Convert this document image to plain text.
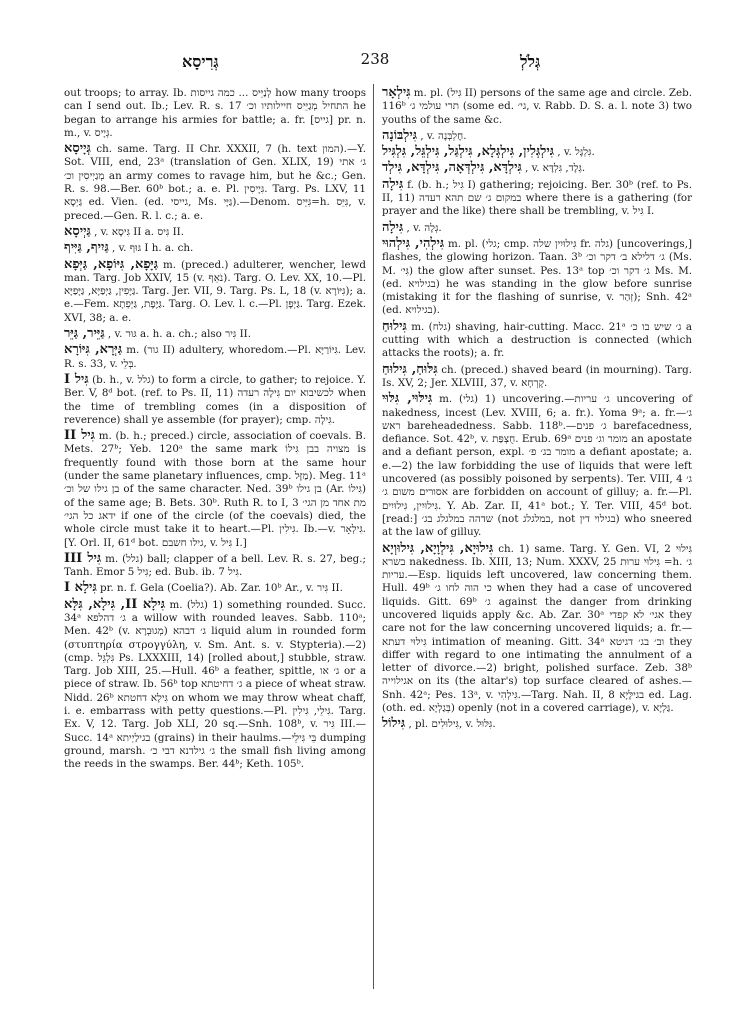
גְּרִיסָא	238	גְּלֹלְ

out troops; to array. Ib. לְנַיֵּיס ... כמה גייסות how many troops can I send out. Ib.; Lev. R. s. 17 התחיל מְגַיֵּיס חיילותיו וכ׳ he began to arrange his armies for battle; a. fr. [גייס] pr. n. m., v. גְּיָיס.

גְּיָיסָא ch. same. Targ. II Chr. XXXII, 7 (h. text המון).—Y. Sot. VIII, end, 23ᵃ (translation of Gen. XLIX, 19) ג׳ אתי מְגַיְיסִין וכ׳ an army comes to ravage him, but he &c.; Gen. R. s. 98.—Ber. 60ᵇ bot.; a. e. Pl. גִּיָיסִין. Targ. Ps. LXV, 11 גַּיְסָא ed. Vien. (ed. גייסי, Ms. גַּיָּי).—Denom. גִּיֵּיס=h. גִּיֵּס, v. preced.—Gen. R. l. c.; a. e.

גַּיְיסָא , v. גִּיסָא II a. גִּיס II.

גַּיִיף, גַּיִּיף , v. גּוּף I h. a. ch.

גַּיָּפָא, גִּיּוֹפָא, גַּיְּפָא m. (preced.) adulterer, wencher, lewd man. Targ. Job XXIV, 15 (v. נֹאֵף). Targ. O. Lev. XX, 10.—Pl. גַּיָּפִין, גַּיְּפַיָּא, גַּיָּפַיָּא. Targ. Jer. VII, 9. Targ. Ps. L, 18 (v. גִּיּוֹרָא); a. e.—Fem. גַּיֶּפֶת, גַּיְּפְתָא. Targ. O. Lev. l. c.—Pl. גַּיְּפָן. Targ. Ezek. XVI, 38; a. e.

גַּיֵּיר, גַּיֵּר , v. גּוּר a. h. a. ch.; also גִּיר II.

גַּיְּרָא, גִּיּוֹרָא m. (גור II) adultery, whoredom.—Pl. גִּיּוֹרַיָּא. Lev. R. s. 33, v. בְּלֵי.

גִּיל I (b. h., v. גלל) to form a circle, to gather; to rejoice. Y. Ber. V, 8ᵈ bot. (ref. to Ps. II, 11) לכשיבוא יום גִּילָה רעדה when the time of trembling comes (in a disposition of reverence) shall ye assemble (for prayer); cmp. גִּילָה.

גִּיל II m. (b. h.; preced.) circle, association of coevals. B. Mets. 27ᵇ; Yeb. 120ᵃ the same mark מצויה בבן גִּילוֹ is frequently found with those born at the same hour (under the same planetary influences, cmp. מַזָּל). Meg. 11ᵃ בן גילו של וכ׳ of the same character. Ned. 39ᵇ בן גילו (Ar. גִּילוֹ) of the same age; B. Bets. 30ᵇ. Ruth R. to I, 3 מת אחד מן הגי׳ ידאג כל הגי׳ if one of the circle (of the coevals) died, the whole circle must take it to heart.—Pl. גִּילִין. Ib.—v. גִּילְאָר. [Y. Orl. II, 61ᵈ bot. גילו חשבם, v. גִּיל I.]

גִּיל III m. (גלל) ball; clapper of a bell. Lev. R. s. 27, beg.; Tanh. Emor 5 גִּיל; ed. Bub. ib. 7 גִּיל.

גִּילָא I pr. n. f. Gela (Coelia?). Ab. Zar. 10ᵇ Ar., v. גִּיר II.

גִּילָא II, גִּילָא, גִּלָּא m. (גלל) 1) something rounded. Succ. 34ᵃ ג׳ דהלפא a willow with rounded leaves. Sabb. 110ᵃ; Men. 42ᵇ (v. מְגוּבְרָא) ג׳ דבהא liquid alum in rounded form (στυπτηρία στρογγύλη, v. Sm. Ant. s. v. Stypteria).—2) (cmp. גִּלְגֵּל Ps. LXXXIII, 14) [rolled about,] stubble, straw. Targ. Job XIII, 25.—Hull. 46ᵇ a feather, spittle, ג׳ או or a piece of straw. Ib. 56ᵇ top ג׳ דחיטתא a piece of wheat straw. Nidd. 26ᵇ גִּילָא דחטתא on whom we may throw wheat chaff, i. e. embarrass with petty questions.—Pl. גִּילֵי, גִּילִין. Targ. Ex. V, 12. Targ. Job XLI, 20 sq.—Snh. 108ᵇ, v. גִּיר III.—Succ. 14ᵃ בגילַיְיתא (grains) in their haulms.—בֵּי גִּילֵי dumping ground, marsh. ג׳ גילדנא דבי כ׳ the small fish living among the reeds in the swamps. Ber. 44ᵇ; Keth. 105ᵇ.

גִּילְאָר m. pl. (גִּיל II) persons of the same age and circle. Zeb. 116ᵇ תרי עולמי ג׳ (some ed. גי׳, v. Rabb. D. S. a. l. note 3) two youths of the same &c.

גִּילְבּוֹנָה , v. חֶלְבְּנָה.

גִּילְגְּלִין, גִּילְגְּלָא, גִּילְגַּל, גִּילְגֵּל, גִּלְגִּיל , v. גִּלְגָּל.

גִּילְדָּא, גִּילְדְּאָה, גִּילְדָּא, גִּילְד , v. גְּלָד, גִּלְדָּא.

גִּילָה f. (b. h.; גִּיל I) gathering; rejoicing. Ber. 30ᵇ (ref. to Ps. II, 11) במקום ג׳ שם תהא רעדה where there is a gathering (for prayer and the like) there shall be trembling, v. גִּיל I.

גִּילָה , v. גְּלָה.

גִּילְהִי, גִּילְהוּי m. pl. (גלי; cmp. גִּילוּיִין שלה fr. גלה) [uncoverings,] flashes, the glowing horizon. Taan. 3ᵇ ג׳ דלילא ב׳ דקר וכ׳ (Ms. M. גִּי׳) the glow after sunset. Pes. 13ᵃ top ג׳ דקר וכ׳ Ms. M. (ed. בגילויא) he was standing in the glow before sunrise (mistaking it for the flashing of sunrise, v. זְהַר); Snh. 42ᵃ (ed. בגילויא).

גִּילוּחַ m. (גלח) shaving, hair-cutting. Macc. 21ᵃ ג׳ שיש בו כ׳ a cutting with which a destruction is connected (which attacks the roots); a. fr.

גִּלּוּחַ, גִּילוּחַ ch. (preced.) shaved beard (in mourning). Targ. Is. XV, 2; Jer. XLVIII, 37, v. קָרְחָא.

גִּילּוּי, גִּלּוּי m. (גלי) 1) uncovering.—ג׳ עריות uncovering of nakedness, incest (Lev. XVIII, 6; a. fr.). Yoma 9ᵃ; a. fr.—ג׳ ראש bareheadedness. Sabb. 118ᵇ.—ג׳ פנים barefacedness, defiance. Sot. 42ᵇ, v. חֻצְפַּת. Erub. 69ᵃ מומר וג׳ פנים an apostate and a defiant person, expl. מומר בג׳ פ׳ a defiant apostate; a. e.—2) the law forbidding the use of liquids that were left uncovered (as possibly poisoned by serpents). Ter. VIII, 4 ג׳ אסורים משום ג׳ are forbidden on account of gilluy; a. fr.—Pl. גִּילוּיִין, גִּילוּיִים. Y. Ab. Zar. II, 41ᵃ bot.; Y. Ter. VIII, 45ᵈ bot. [read:] שדהה במלגלג בג׳ (not במלגלג, not בגילוי דין) who sneered at the law of gilluy.

גִּילוּיָא, גִּילְוָיָא, גִּילוּוְיָא ch. 1) same. Targ. Y. Gen. VI, 2 גִּילוּי בשרא nakedness. Ib. XIII, 13; Num. XXXV, 25 גִּילוּי ערוּת =h. ג׳ עריות.—Esp. liquids left uncovered, law concerning them. Hull. 49ᵇ כי הוה לחו ג׳ when they had a case of uncovered liquids. Gitt. 69ᵇ ג׳ against the danger from drinking uncovered liquids apply &c. Ab. Zar. 30ᵃ אגי׳ לא קפדי they care not for the law concerning uncovered liquids; a. fr.—גִּילוּי דעתא intimation of meaning. Gitt. 34ᵃ וב׳ בג׳ דגיטא they differ with regard to one intimating the annulment of a letter of divorce.—2) bright, polished surface. Zeb. 38ᵇ אגילוייה on its (the altar's) top surface cleared of ashes.—Snh. 42ᵃ; Pes. 13ᵃ, v. גִּילְהִי.—Targ. Nah. II, 8 בגילָּיָא ed. Lag. (oth. ed. בְּגַלְיָא) openly (not in a covered carriage), v. גַּלְיָא.

גִּילוֹל , pl. גִּילוּלִים, v. גִּלּוּל.
